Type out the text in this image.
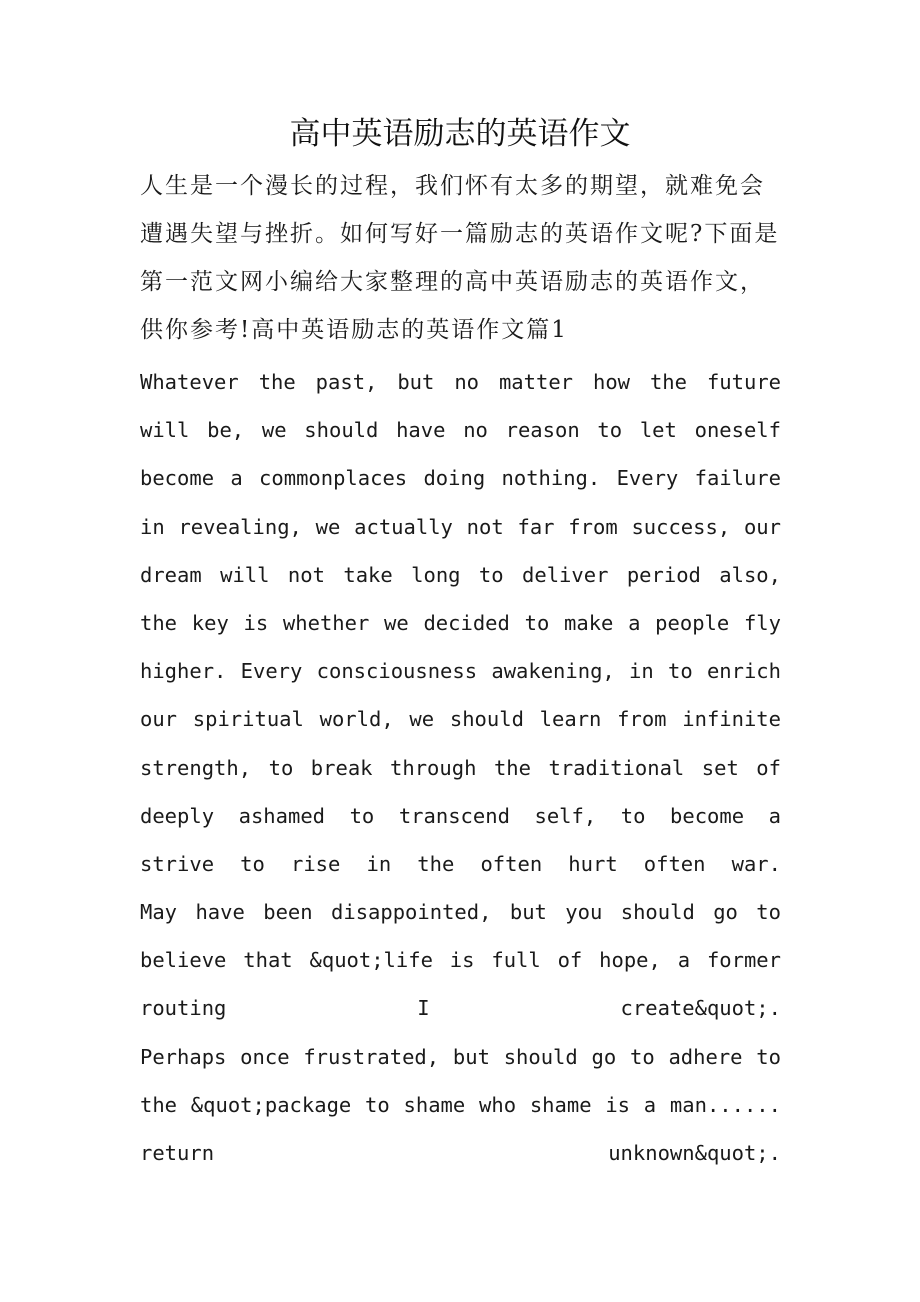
高中英语励志的英语作文
人生是一个漫长的过程，我们怀有太多的期望，就难免会
遭遇失望与挫折。如何写好一篇励志的英语作文呢?下面是
第一范文网小编给大家整理的高中英语励志的英语作文，
供你参考!高中英语励志的英语作文篇1
Whatever the past, but no matter how the future
will be, we should have no reason to let oneself
become a commonplaces doing nothing. Every failure
in revealing, we actually not far from success, our
dream will not take long to deliver period also,
the key is whether we decided to make a people fly
higher. Every consciousness awakening, in to enrich
our spiritual world, we should learn from infinite
strength, to break through the traditional set of
deeply ashamed to transcend self, to become a
strive to rise in the often hurt often war.
May have been disappointed, but you should go to
believe that &quot;life is full of hope, a former
routing I create&quot;.
Perhaps once frustrated, but should go to adhere to
the &quot;package to shame who shame is a man......
return unknown&quot;.
